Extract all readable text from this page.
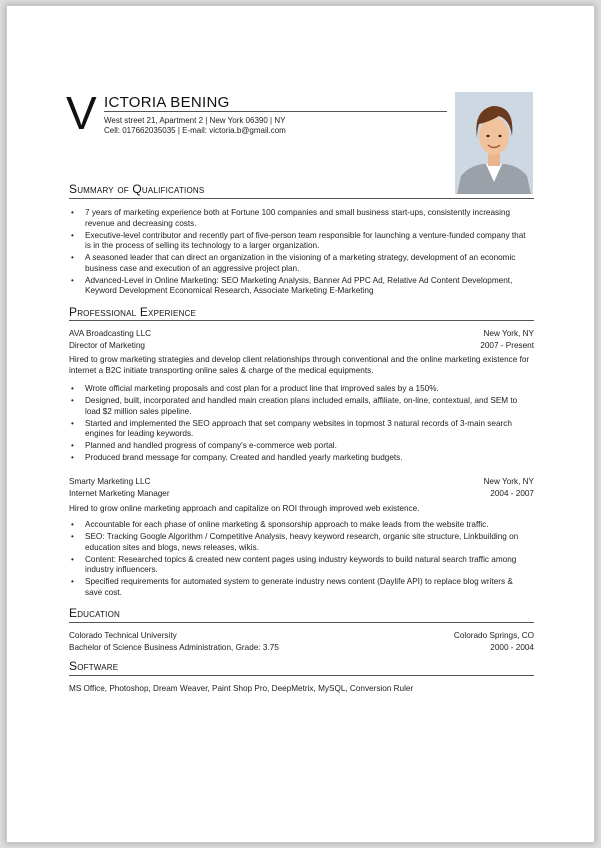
V ICTORIA BENING
West street 21, Apartment 2 | New York 06390 | NY
Cell: 017662035035 | E-mail: victoria.b@gmail.com
Summary of Qualifications
• 7 years of marketing experience both at Fortune 100 companies and small business start-ups, consistently increasing revenue and decreasing costs.
• Executive-level contributor and recently part of five-person team responsible for launching a venture-funded company that is in the process of selling its technology to a larger organization.
• A seasoned leader that can direct an organization in the visioning of a marketing strategy, development of an economic business case and execution of an aggressive project plan.
• Advanced-Level in Online Marketing: SEO Marketing Analysis, Banner Ad PPC Ad, Relative Ad Content Development, Keyword Development Economical Research, Associate Marketing E-Marketing
Professional Experience
AVA Broadcasting LLC	New York, NY
Director of Marketing	2007 - Present
Hired to grow marketing strategies and develop client relationships through conventional and the online marketing existence for internet a B2C initiate transporting online sales & charge of the medical equipments.
• Wrote official marketing proposals and cost plan for a product line that improved sales by a 150%.
• Designed, built, incorporated and handled main creation plans included emails, affiliate, on-line, contextual, and SEM to load $2 million sales pipeline.
• Started and implemented the SEO approach that set company websites in topmost 3 natural records of 3-main search engines for leading keywords.
• Planned and handled progress of company's e-commerce web portal.
• Produced brand message for company. Created and handled yearly marketing budgets.
Smarty Marketing LLC	New York, NY
Internet Marketing Manager	2004 - 2007
Hired to grow online marketing approach and capitalize on ROI through improved web existence.
• Accountable for each phase of online marketing & sponsorship approach to make leads from the website traffic.
• SEO: Tracking Google Algorithm / Competitive Analysis, heavy keyword research, organic site structure, Linkbuilding on education sites and blogs, news releases, wikis.
• Content: Researched topics & created new content pages using industry keywords to build natural search traffic among industry influencers.
• Specified requirements for automated system to generate industry news content (Daylife API) to replace blog writers & save cost.
Education
Colorado Technical University	Colorado Springs, CO
Bachelor of Science Business Administration, Grade: 3.75	2000 - 2004
Software
MS Office, Photoshop, Dream Weaver, Paint Shop Pro, DeepMetrix, MySQL, Conversion Ruler
